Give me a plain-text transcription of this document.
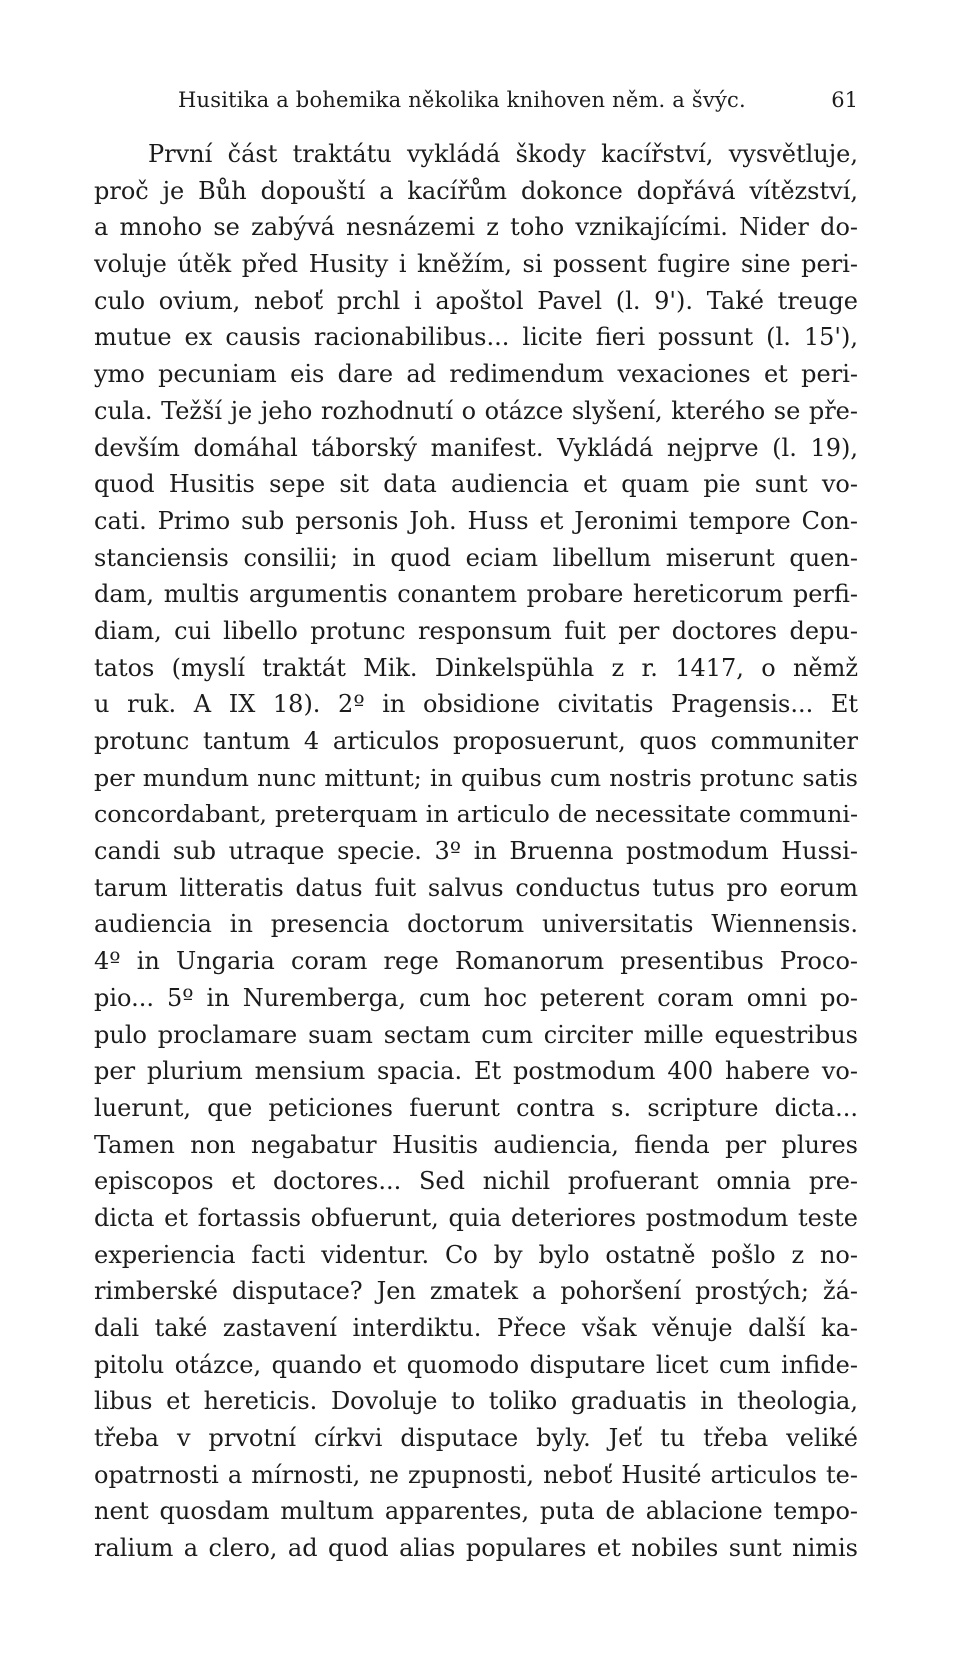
Husitika a bohemika několika knihoven něm. a švýc.	61
První část traktátu vykládá škody kacířství, vysvětluje,
proč je Bůh dopouští a kacířům dokonce dopřává vítězství,
a mnoho se zabývá nesnázemi z toho vznikajícími. Nider do-
voluje útěk před Husity i kněžím, si possent fugire sine peri-
culo ovium, neboť prchl i apoštol Pavel (l. 9'). Také treuge
mutue ex causis racionabilibus... licite fieri possunt (l. 15'),
ymo pecuniam eis dare ad redimendum vexaciones et peri-
cula. Težší je jeho rozhodnutí o otázce slyšení, kterého se pře-
devším domáhal táborský manifest. Vykládá nejprve (l. 19),
quod Husitis sepe sit data audiencia et quam pie sunt vo-
cati. Primo sub personis Joh. Huss et Jeronimi tempore Con-
stanciensis consilii; in quod eciam libellum miserunt quen-
dam, multis argumentis conantem probare hereticorum perfi-
diam, cui libello protunc responsum fuit per doctores depu-
tatos (myslí traktát Mik. Dinkelspühla z r. 1417, o němž
u ruk. A IX 18). 2º in obsidione civitatis Pragensis... Et
protunc tantum 4 articulos proposuerunt, quos communiter
per mundum nunc mittunt; in quibus cum nostris protunc satis
concordabant, preterquam in articulo de necessitate communi-
candi sub utraque specie. 3º in Bruenna postmodum Hussi-
tarum litteratis datus fuit salvus conductus tutus pro eorum
audiencia in presencia doctorum universitatis Wiennensis.
4º in Ungaria coram rege Romanorum presentibus Proco-
pio... 5º in Nuremberga, cum hoc peterent coram omni po-
pulo proclamare suam sectam cum circiter mille equestribus
per plurium mensium spacia. Et postmodum 400 habere vo-
luerunt, que peticiones fuerunt contra s. scripture dicta...
Tamen non negabatur Husitis audiencia, fienda per plures
episcopos et doctores... Sed nichil profuerant omnia pre-
dicta et fortassis obfuerunt, quia deteriores postmodum teste
experiencia facti videntur. Co by bylo ostatně pošlo z no-
rimberské disputace? Jen zmatek a pohoršení prostých; žá-
dali také zastavení interdiktu. Přece však věnuje další ka-
pitolu otázce, quando et quomodo disputare licet cum infide-
libus et hereticis. Dovoluje to toliko graduatis in theologia,
třeba v prvotní církvi disputace byly. Jeť tu třeba veliké
opatrnosti a mírnosti, ne zpupnosti, neboť Husité articulos te-
nent quosdam multum apparentes, puta de ablacione tempo-
ralium a clero, ad quod alias populares et nobiles sunt nimis
